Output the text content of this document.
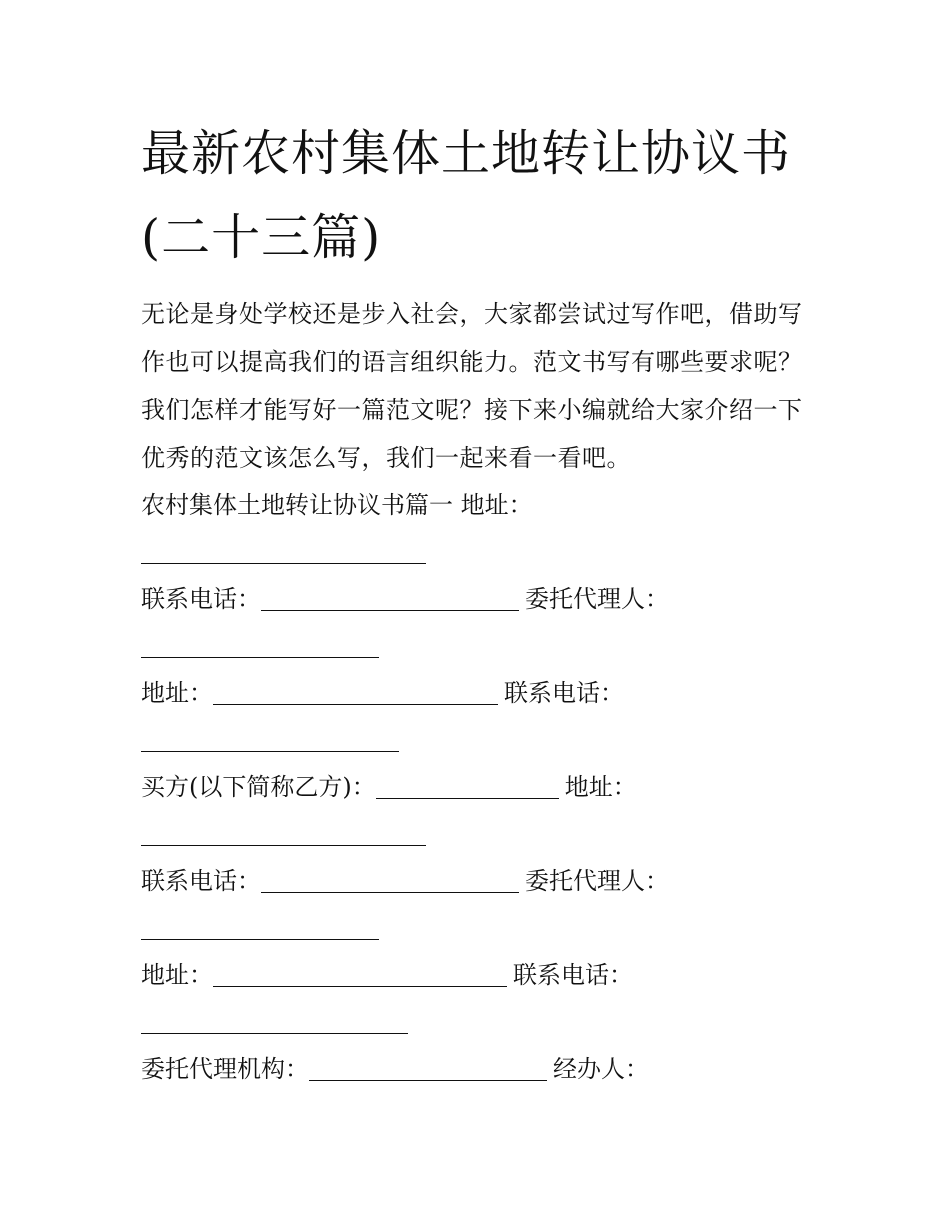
最新农村集体土地转让协议书
(二十三篇)

无论是身处学校还是步入社会，大家都尝试过写作吧，借助写

作也可以提高我们的语言组织能力。范文书写有哪些要求呢？

我们怎样才能写好一篇范文呢？接下来小编就给大家介绍一下

优秀的范文该怎么写，我们一起来看一看吧。

农村集体土地转让协议书篇一 地址：
联系电话：	委托代理人：
地址：	联系电话：
买方(以下简称乙方)：	地址：
联系电话：	委托代理人：
地址：	联系电话：
委托代理机构：	经办人：
